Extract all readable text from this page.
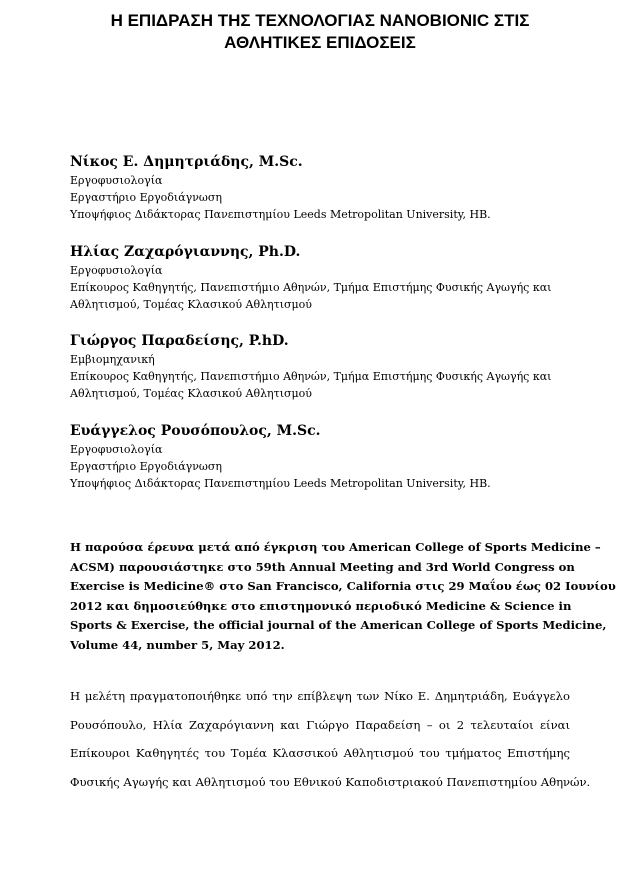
Η ΕΠΙΔΡΑΣΗ ΤΗΣ ΤΕΧΝΟΛΟΓΙΑΣ ΝΑΝΟΒΙΟΝΙC ΣΤΙΣ
ΑΘΛΗΤΙΚΕΣ ΕΠΙΔΟΣΕΙΣ
Νίκος Ε. Δημητριάδης, M.Sc.
Εργοφυσιολογία
Εργαστήριο Εργοδιάγνωση
Υποψήφιος Διδάκτορας Πανεπιστημίου Leeds Metropolitan University, ΗΒ.
Ηλίας Ζαχαρόγιαννης, Ph.D.
Εργοφυσιολογία
Επίκουρος Καθηγητής, Πανεπιστήμιο Αθηνών, Τμήμα Επιστήμης Φυσικής Αγωγής και
Αθλητισμού, Τομέας Κλασικού Αθλητισμού
Γιώργος Παραδείσης, P.hD.
Εμβιομηχανική
Επίκουρος Καθηγητής, Πανεπιστήμιο Αθηνών, Τμήμα Επιστήμης Φυσικής Αγωγής και
Αθλητισμού, Τομέας Κλασικού Αθλητισμού
Ευάγγελος Ρουσόπουλος, M.Sc.
Εργοφυσιολογία
Εργαστήριο Εργοδιάγνωση
Υποψήφιος Διδάκτορας Πανεπιστημίου Leeds Metropolitan University, ΗΒ.
Η παρούσα έρευνα μετά από έγκριση του American College of Sports Medicine –
ACSM) παρουσιάστηκε στο 59th Annual Meeting and 3rd World Congress on
Exercise is Medicine® στο San Francisco, California στις 29 Μαΐου έως 02 Ιουνίου
2012 και δημοσιεύθηκε στο επιστημονικό περιοδικό Medicine & Science in
Sports & Exercise, the official journal of the American College of Sports Medicine,
Volume 44, number 5, May 2012.
Η μελέτη πραγματοποιήθηκε υπό την επίβλεψη των Νίκο Ε. Δημητριάδη, Ευάγγελο
Ρουσόπουλο, Ηλία Ζαχαρόγιαννη και Γιώργο Παραδείση – οι 2 τελευταίοι είναι
Επίκουροι Καθηγητές του Τομέα Κλασσικού Αθλητισμού του τμήματος Επιστήμης
Φυσικής Αγωγής και Αθλητισμού του Εθνικού Καποδιστριακού Πανεπιστημίου Αθηνών.
